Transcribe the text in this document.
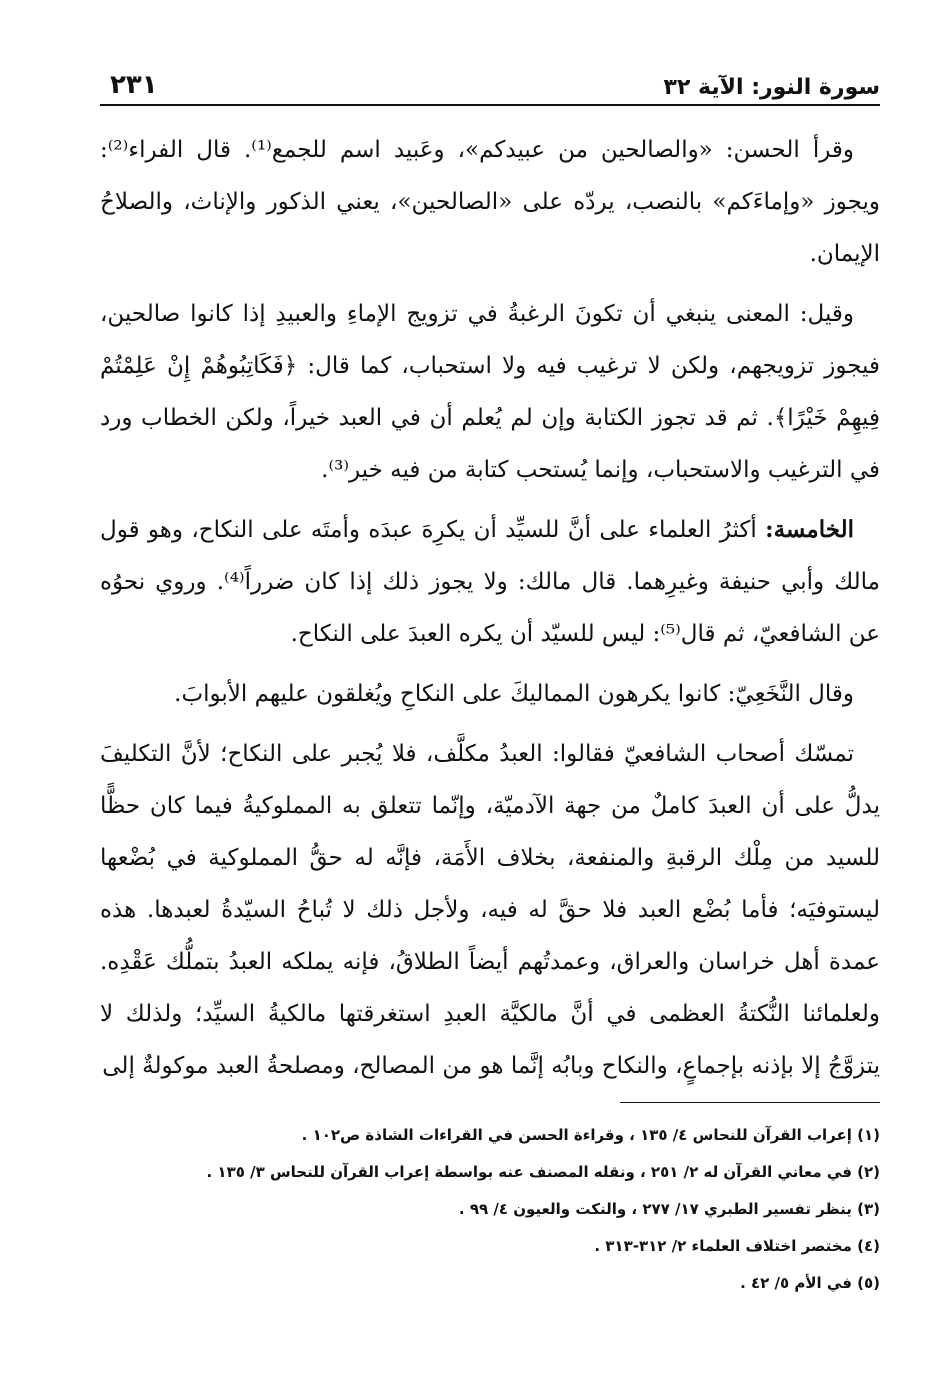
سورة النور: الآية ٣٢
٢٣١

وقرأ الحسن: «والصالحين من عبيدكم»، وعَبيد اسم للجمع⁽¹⁾. قال الفراء⁽²⁾: ويجوز «وإماءَكم» بالنصب، يردّه على «الصالحين»، يعني الذكور والإناث، والصلاحُ الإيمان.

وقيل: المعنى ينبغي أن تكونَ الرغبةُ في تزويج الإماءِ والعبيدِ إذا كانوا صالحين، فيجوز تزويجهم، ولكن لا ترغيب فيه ولا استحباب، كما قال: ﴿فَكَاتِبُوهُمْ إِنْ عَلِمْتُمْ فِيهِمْ خَيْرًا﴾. ثم قد تجوز الكتابة وإن لم يُعلم أن في العبد خيراً، ولكن الخطاب ورد في الترغيب والاستحباب، وإنما يُستحب كتابة من فيه خير⁽³⁾.

الخامسة: أكثرُ العلماء على أنَّ للسيِّد أن يكرِهَ عبدَه وأمتَه على النكاح، وهو قول مالك وأبي حنيفة وغيرِهما. قال مالك: ولا يجوز ذلك إذا كان ضرراً⁽⁴⁾. وروي نحوُه عن الشافعيّ، ثم قال⁽⁵⁾: ليس للسيّد أن يكره العبدَ على النكاح.

وقال النَّخَعِيّ: كانوا يكرهون المماليكَ على النكاحِ ويُغلقون عليهم الأبوابَ.

تمسّك أصحاب الشافعيّ فقالوا: العبدُ مكلَّف، فلا يُجبر على النكاح؛ لأنَّ التكليفَ يدلُّ على أن العبدَ كاملٌ من جهة الآدميّة، وإنّما تتعلق به المملوكيةُ فيما كان حظًّا للسيد من مِلْك الرقبةِ والمنفعة، بخلاف الأَمَة، فإنَّه له حقُّ المملوكية في بُضْعها ليستوفيَه؛ فأما بُضْع العبد فلا حقَّ له فيه، ولأجل ذلك لا تُباحُ السيّدةُ لعبدها. هذه عمدة أهل خراسان والعراق، وعمدتُهم أيضاً الطلاقُ، فإنه يملكه العبدُ بتملُّك عَقْدِه. ولعلمائنا النُّكتةُ العظمى في أنَّ مالكيَّة العبدِ استغرقتها مالكيةُ السيِّد؛ ولذلك لا يتزوَّجُ إلا بإذنه بإجماعٍ، والنكاح وبابُه إنَّما هو من المصالح، ومصلحةُ العبد موكولةٌ إلى

(١) إعراب القرآن للنحاس ٤/ ١٣٥ ، وقراءة الحسن في القراءات الشاذة ص١٠٢ .

(٢) في معاني القرآن له ٢/ ٢٥١ ، ونقله المصنف عنه بواسطة إعراب القرآن للنحاس ٣/ ١٣٥ .

(٣) ينظر تفسير الطبري ١٧/ ٢٧٧ ، والنكت والعيون ٤/ ٩٩ .

(٤) مختصر اختلاف العلماء ٢/ ٣١٢-٣١٣ .

(٥) في الأم ٥/ ٤٢ .
